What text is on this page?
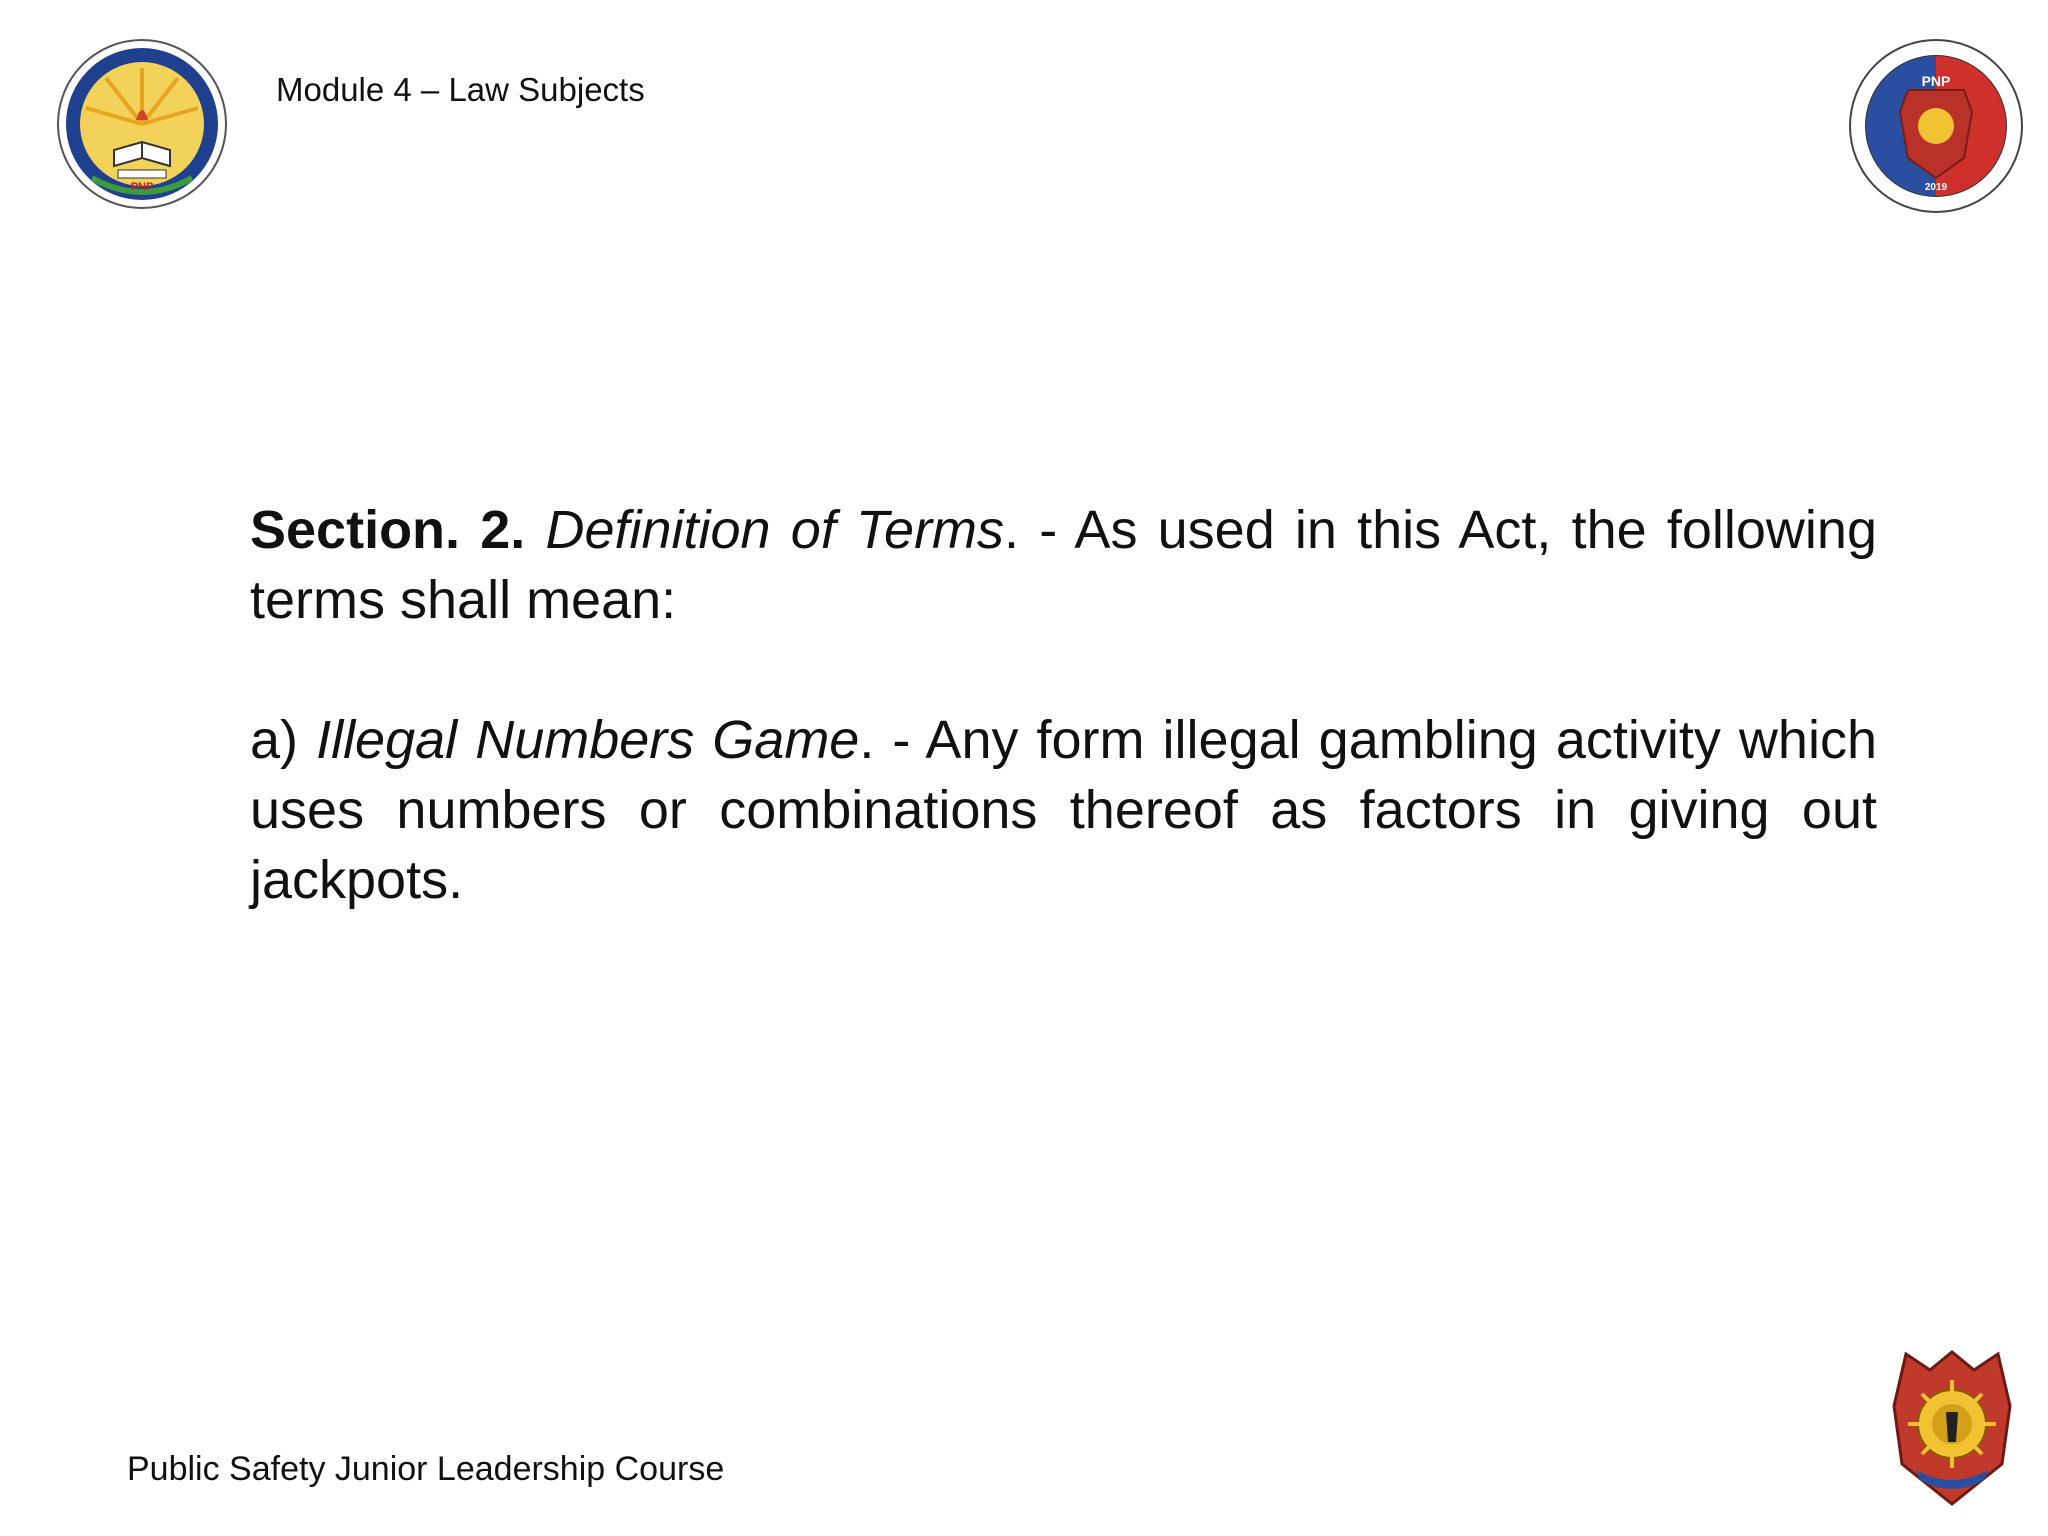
PNP
Module 4 – Law Subjects	PNP
2019

Section. 2. Definition of Terms. - As used in this Act, the following terms shall mean:

a) Illegal Numbers Game. - Any form illegal gambling activity which uses numbers or combinations thereof as factors in giving out jackpots.

Public Safety Junior Leadership Course
